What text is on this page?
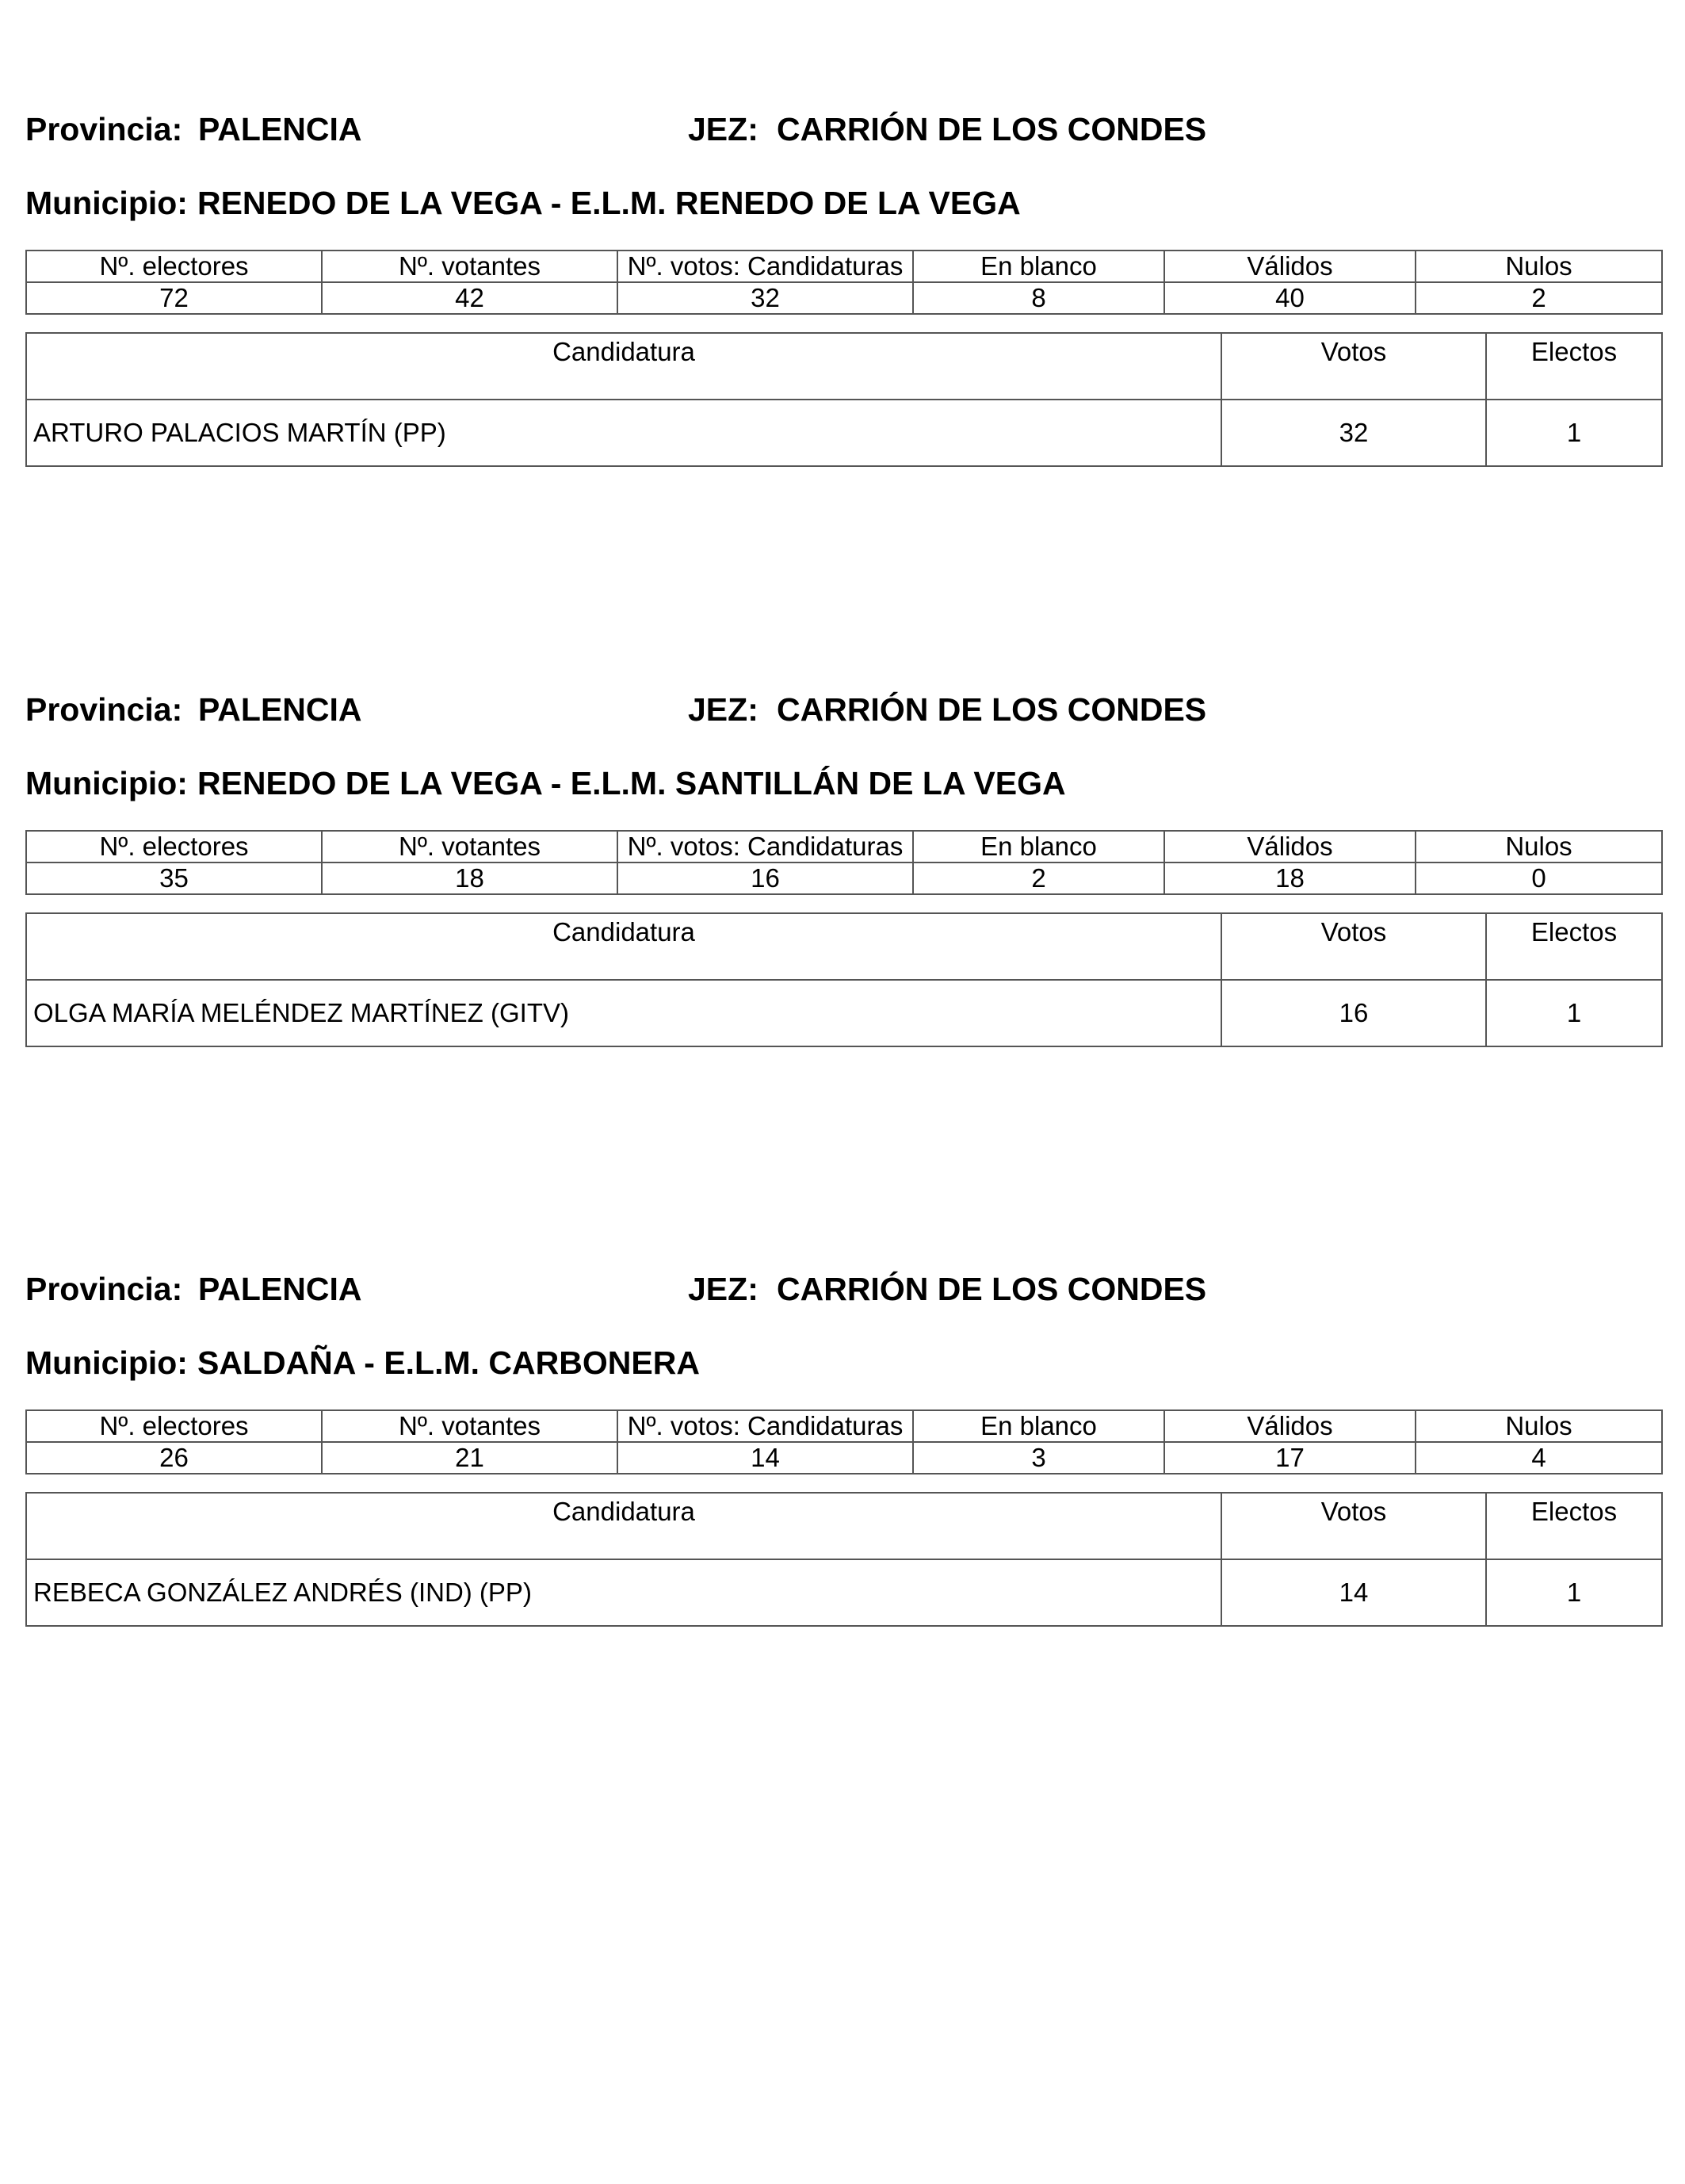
Provincia: PALENCIA	JEZ: CARRIÓN DE LOS CONDES
Municipio: RENEDO DE LA VEGA - E.L.M. RENEDO DE LA VEGA
Nº. electores	Nº. votantes	Nº. votos: Candidaturas	En blanco	Válidos	Nulos
72	42	32	8	40	2
Candidatura	Votos	Electos
ARTURO PALACIOS MARTÍN (PP)	32	1
Provincia: PALENCIA	JEZ: CARRIÓN DE LOS CONDES
Municipio: RENEDO DE LA VEGA - E.L.M. SANTILLÁN DE LA VEGA
Nº. electores	Nº. votantes	Nº. votos: Candidaturas	En blanco	Válidos	Nulos
35	18	16	2	18	0
Candidatura	Votos	Electos
OLGA MARÍA MELÉNDEZ MARTÍNEZ (GITV)	16	1
Provincia: PALENCIA	JEZ: CARRIÓN DE LOS CONDES
Municipio: SALDAÑA - E.L.M. CARBONERA
Nº. electores	Nº. votantes	Nº. votos: Candidaturas	En blanco	Válidos	Nulos
26	21	14	3	17	4
Candidatura	Votos	Electos
REBECA GONZÁLEZ ANDRÉS (IND) (PP)	14	1
